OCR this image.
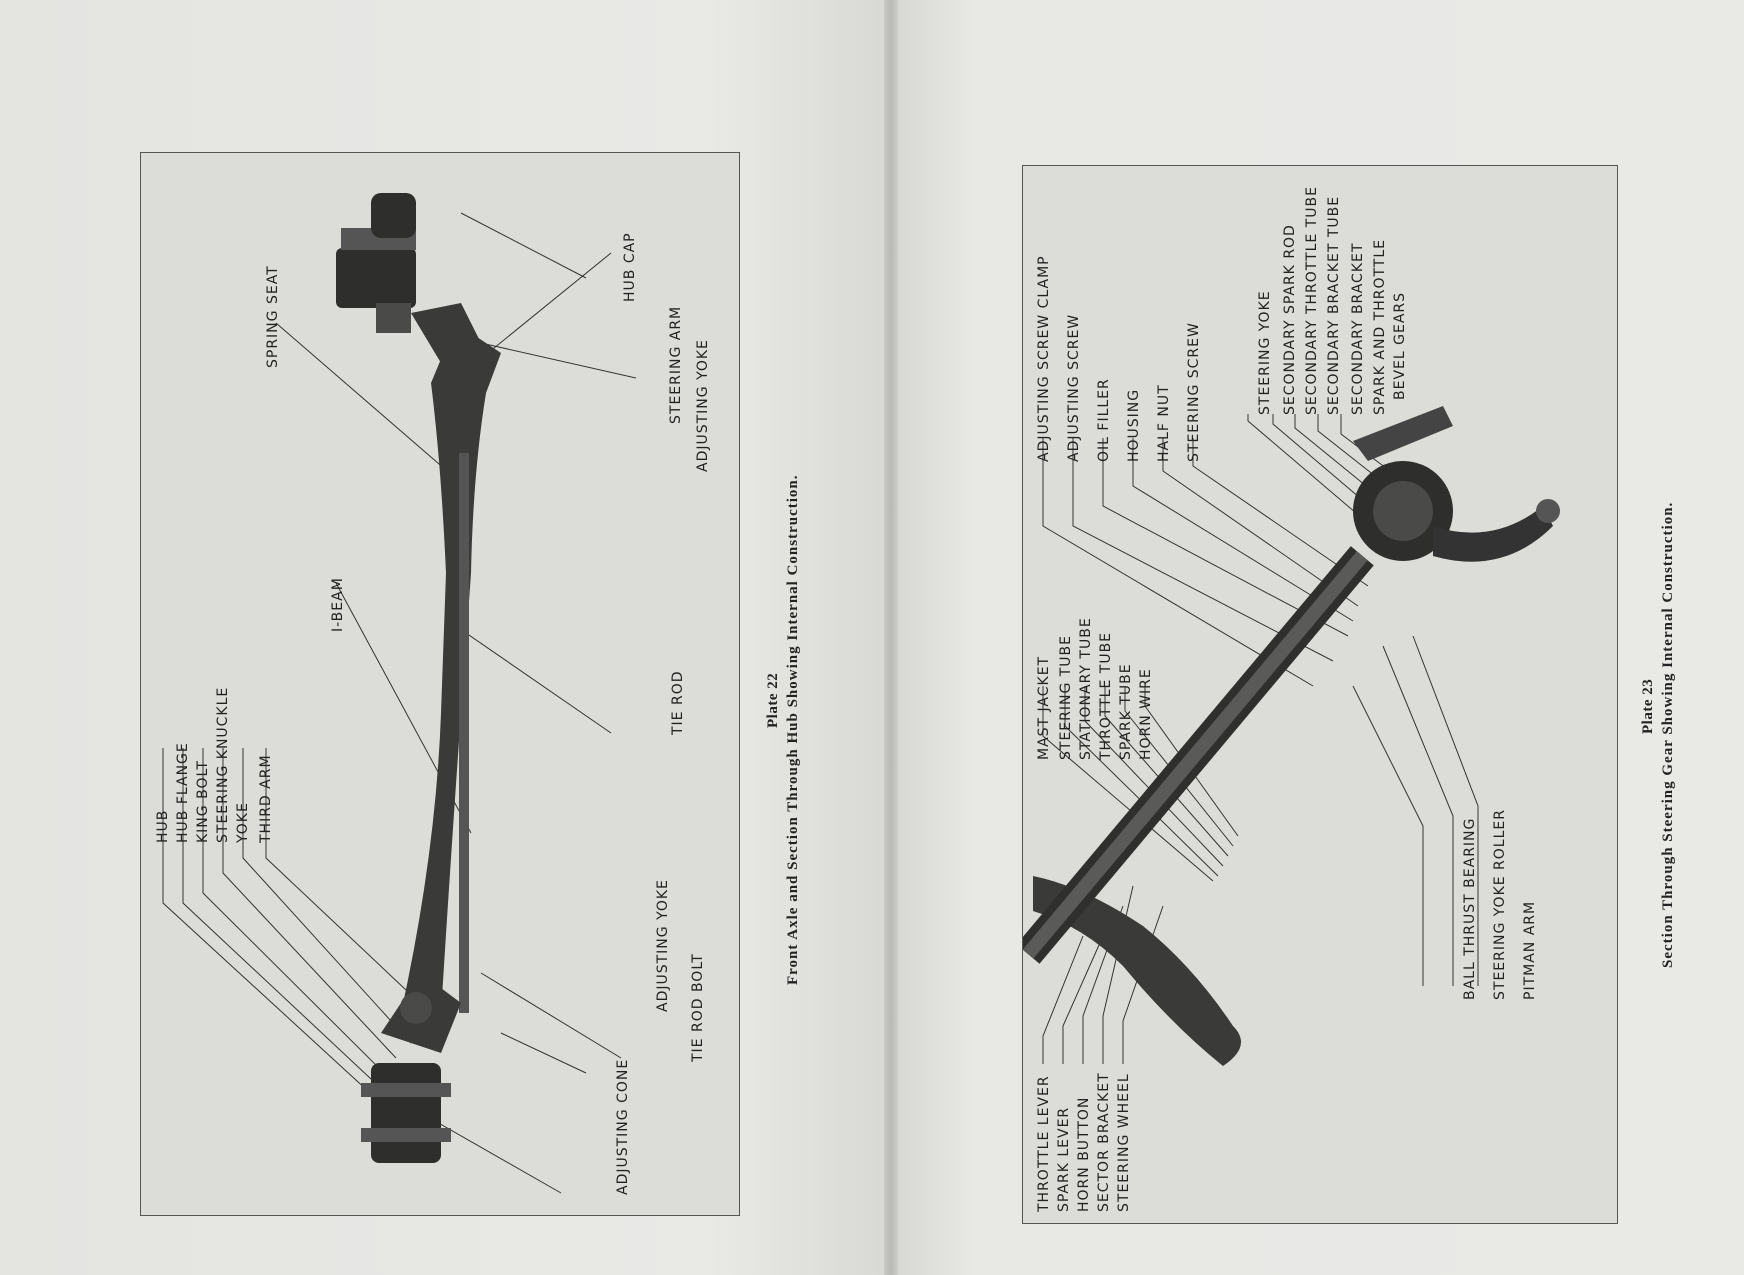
HUB HUB FLANGE KING BOLT STEERING KNUCKLE YOKE THIRD ARM
I-BEAM
SPRING SEAT
ADJUSTING CONE
TIE ROD BOLT
ADJUSTING YOKE
TIE ROD
ADJUSTING YOKE
STEERING ARM
HUB CAP
Plate 22 Front Axle and Section Through Hub Showing Internal Construction.
THROTTLE LEVER SPARK LEVER HORN BUTTON SECTOR BRACKET STEERING WHEEL
MAST JACKET STEERING TUBE STATIONARY TUBE THROTTLE TUBE SPARK TUBE HORN WIRE
ADJUSTING SCREW CLAMP ADJUSTING SCREW OIL FILLER HOUSING HALF NUT STEERING SCREW	STEERING YOKE SECONDARY SPARK ROD SECONDARY THROTTLE TUBE SECONDARY BRACKET TUBE SECONDARY BRACKET SPARK AND THROTTLE BEVEL GEARS
BALL THRUST BEARING STEERING YOKE ROLLER PITMAN ARM
Plate 23 Section Through Steering Gear Showing Internal Construction.
